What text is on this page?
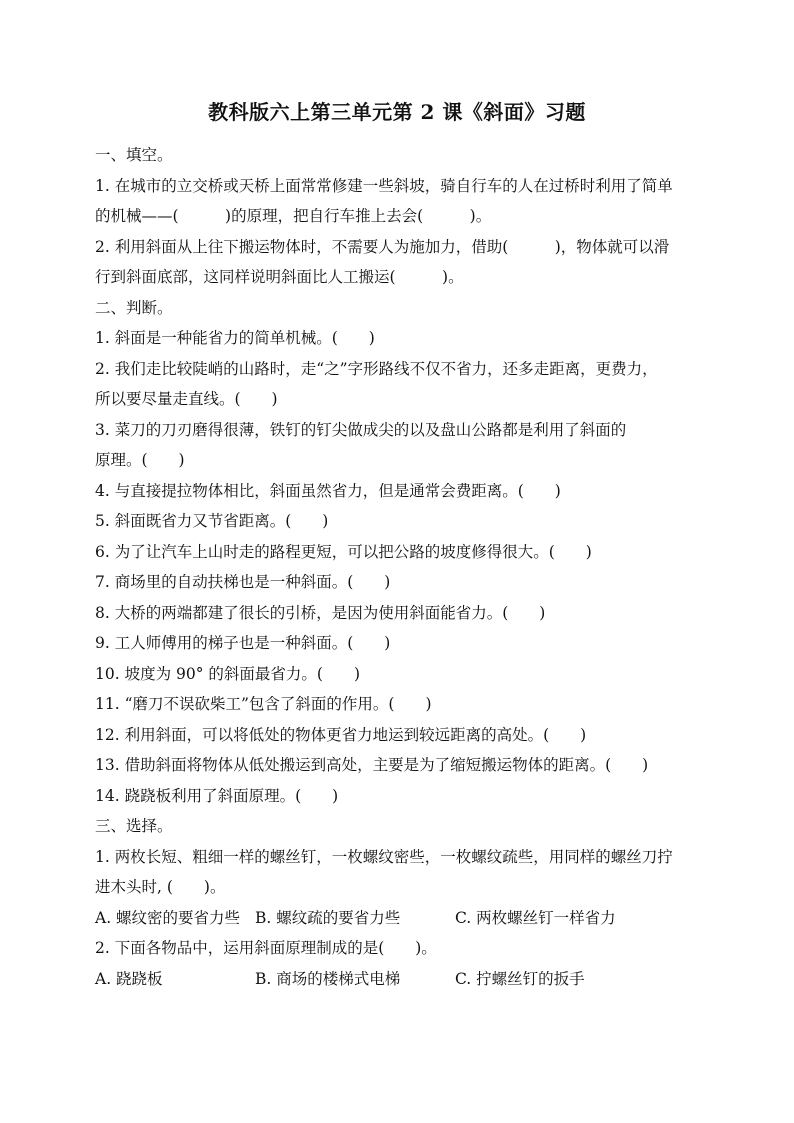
教科版六上第三单元第 2 课《斜面》习题
一、填空。
1. 在城市的立交桥或天桥上面常常修建一些斜坡，骑自行车的人在过桥时利用了简单
的机械——(　　　)的原理，把自行车推上去会(　　　)。
2. 利用斜面从上往下搬运物体时，不需要人为施加力，借助(　　　)，物体就可以滑
行到斜面底部，这同样说明斜面比人工搬运(　　　)。
二、判断。
1. 斜面是一种能省力的简单机械。(　　)
2. 我们走比较陡峭的山路时，走“之”字形路线不仅不省力，还多走距离，更费力，
所以要尽量走直线。(　　)
3. 菜刀的刀刃磨得很薄，铁钉的钉尖做成尖的以及盘山公路都是利用了斜面的
原理。(　　)
4. 与直接提拉物体相比，斜面虽然省力，但是通常会费距离。(　　)
5. 斜面既省力又节省距离。(　　)
6. 为了让汽车上山时走的路程更短，可以把公路的坡度修得很大。(　　)
7. 商场里的自动扶梯也是一种斜面。(　　)
8. 大桥的两端都建了很长的引桥，是因为使用斜面能省力。(　　)
9. 工人师傅用的梯子也是一种斜面。(　　)
10. 坡度为 90° 的斜面最省力。(　　)
11. “磨刀不误砍柴工”包含了斜面的作用。(　　)
12. 利用斜面，可以将低处的物体更省力地运到较远距离的高处。(　　)
13. 借助斜面将物体从低处搬运到高处，主要是为了缩短搬运物体的距离。(　　)
14. 跷跷板利用了斜面原理。(　　)
三、选择。
1. 两枚长短、粗细一样的螺丝钉，一枚螺纹密些，一枚螺纹疏些，用同样的螺丝刀拧
进木头时, (　　)。
A. 螺纹密的要省力些 B. 螺纹疏的要省力些	C. 两枚螺丝钉一样省力
2. 下面各物品中，运用斜面原理制成的是(　　)。
A. 跷跷板	B. 商场的楼梯式电梯	C. 拧螺丝钉的扳手
